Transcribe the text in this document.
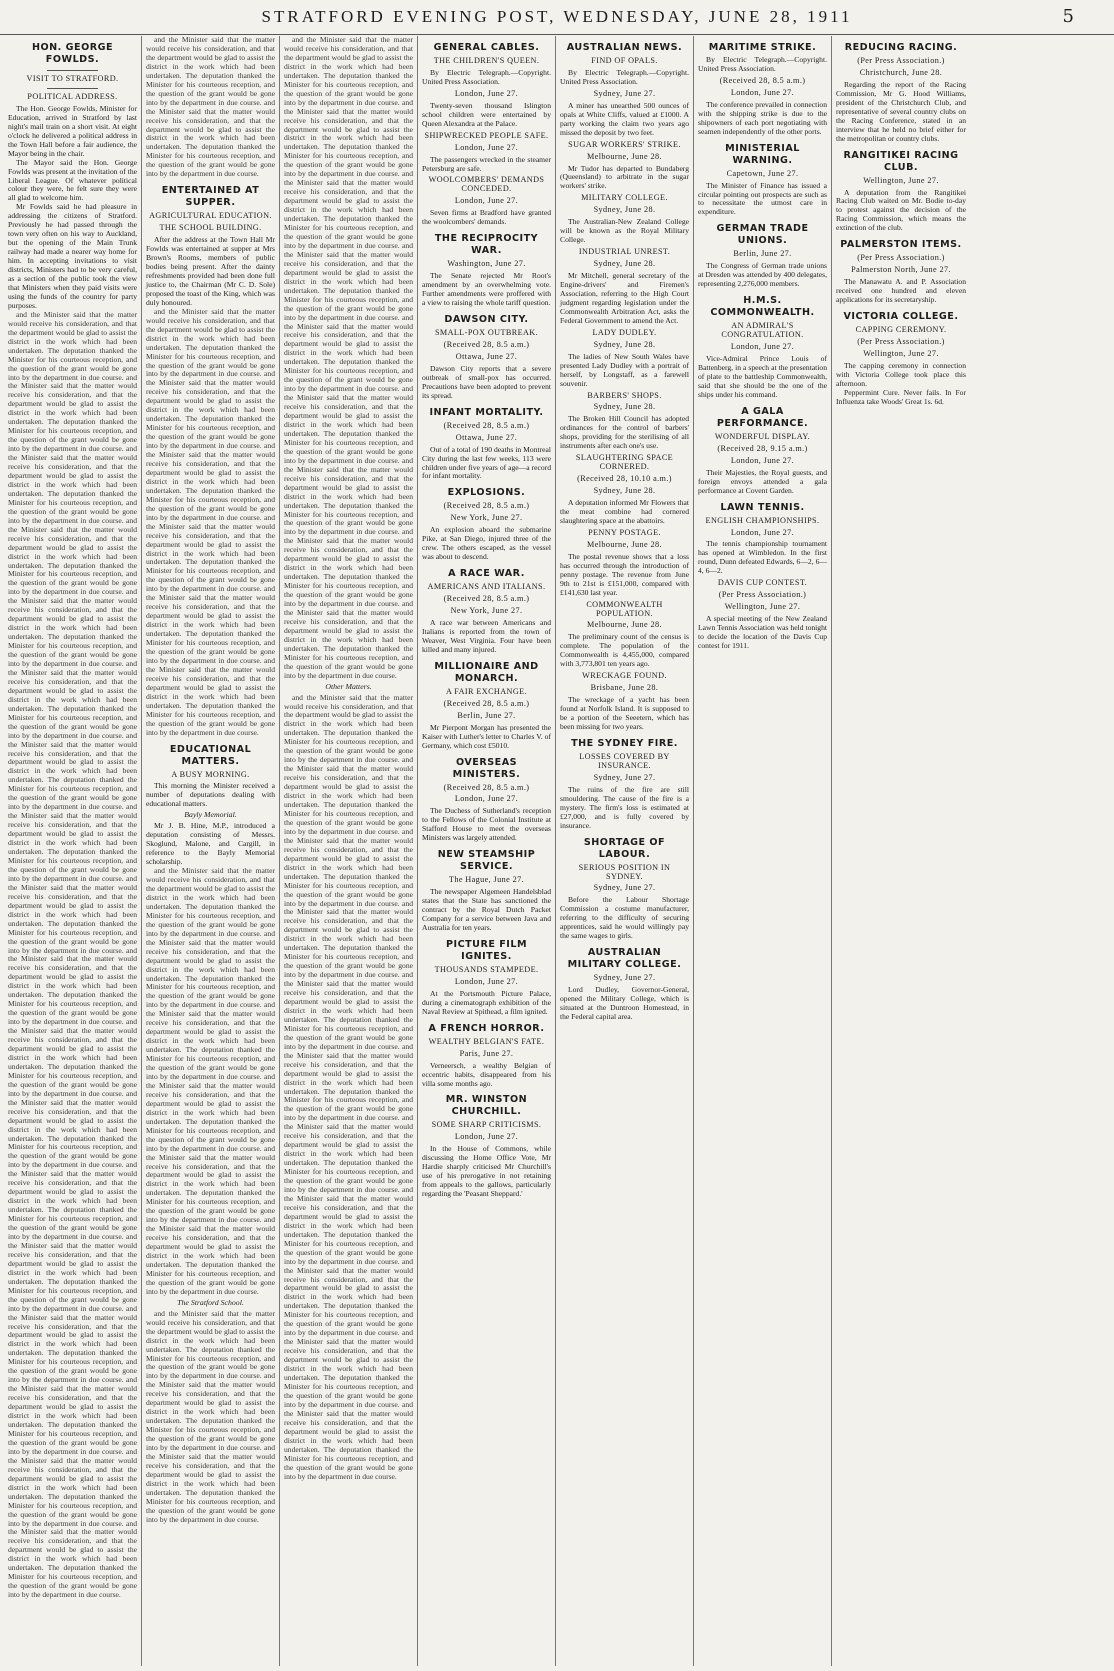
STRATFORD EVENING POST, WEDNESDAY, JUNE 28, 1911	5
HON. GEORGE FOWLDS.
VISIT TO STRATFORD.
POLITICAL ADDRESS.

The Hon. George Fowlds, Minister for Education, arrived in Stratford by last night's mail train on a short visit. At eight o'clock he delivered a political address in the Town Hall before a fair audience, the Mayor being in the chair.

The Mayor said the Hon. George Fowlds was present at the invitation of the Liberal League. Of whatever political colour they were, he felt sure they were all glad to welcome him.

Mr Fowlds said he had pleasure in addressing the citizens of Stratford. Previously he had passed through the town very often on his way to Auckland, but the opening of the Main Trunk railway had made a nearer way home for him. In accepting invitations to visit districts, Ministers had to be very careful, as a section of the public took the view that Ministers when they paid visits were using the funds of the country for party purposes.

and the Minister said that the matter would receive his consideration, and that the department would be glad to assist the district in the work which had been undertaken. The deputation thanked the Minister for his courteous reception, and the question of the grant would be gone into by the department in due course. and the Minister said that the matter would receive his consideration, and that the department would be glad to assist the district in the work which had been undertaken. The deputation thanked the Minister for his courteous reception, and the question of the grant would be gone into by the department in due course. and the Minister said that the matter would receive his consideration, and that the department would be glad to assist the district in the work which had been undertaken. The deputation thanked the Minister for his courteous reception, and the question of the grant would be gone into by the department in due course. and the Minister said that the matter would receive his consideration, and that the department would be glad to assist the district in the work which had been undertaken. The deputation thanked the Minister for his courteous reception, and the question of the grant would be gone into by the department in due course. and the Minister said that the matter would receive his consideration, and that the department would be glad to assist the district in the work which had been undertaken. The deputation thanked the Minister for his courteous reception, and the question of the grant would be gone into by the department in due course. and the Minister said that the matter would receive his consideration, and that the department would be glad to assist the district in the work which had been undertaken. The deputation thanked the Minister for his courteous reception, and the question of the grant would be gone into by the department in due course. and the Minister said that the matter would receive his consideration, and that the department would be glad to assist the district in the work which had been undertaken. The deputation thanked the Minister for his courteous reception, and the question of the grant would be gone into by the department in due course. and the Minister said that the matter would receive his consideration, and that the department would be glad to assist the district in the work which had been undertaken. The deputation thanked the Minister for his courteous reception, and the question of the grant would be gone into by the department in due course. and the Minister said that the matter would receive his consideration, and that the department would be glad to assist the district in the work which had been undertaken. The deputation thanked the Minister for his courteous reception, and the question of the grant would be gone into by the department in due course. and the Minister said that the matter would receive his consideration, and that the department would be glad to assist the district in the work which had been undertaken. The deputation thanked the Minister for his courteous reception, and the question of the grant would be gone into by the department in due course. and the Minister said that the matter would receive his consideration, and that the department would be glad to assist the district in the work which had been undertaken. The deputation thanked the Minister for his courteous reception, and the question of the grant would be gone into by the department in due course. and the Minister said that the matter would receive his consideration, and that the department would be glad to assist the district in the work which had been undertaken. The deputation thanked the Minister for his courteous reception, and the question of the grant would be gone into by the department in due course. and the Minister said that the matter would receive his consideration, and that the department would be glad to assist the district in the work which had been undertaken. The deputation thanked the Minister for his courteous reception, and the question of the grant would be gone into by the department in due course. and the Minister said that the matter would receive his consideration, and that the department would be glad to assist the district in the work which had been undertaken. The deputation thanked the Minister for his courteous reception, and the question of the grant would be gone into by the department in due course. and the Minister said that the matter would receive his consideration, and that the department would be glad to assist the district in the work which had been undertaken. The deputation thanked the Minister for his courteous reception, and the question of the grant would be gone into by the department in due course. and the Minister said that the matter would receive his consideration, and that the department would be glad to assist the district in the work which had been undertaken. The deputation thanked the Minister for his courteous reception, and the question of the grant would be gone into by the department in due course. and the Minister said that the matter would receive his consideration, and that the department would be glad to assist the district in the work which had been undertaken. The deputation thanked the Minister for his courteous reception, and the question of the grant would be gone into by the department in due course. and the Minister said that the matter would receive his consideration, and that the department would be glad to assist the district in the work which had been undertaken. The deputation thanked the Minister for his courteous reception, and the question of the grant would be gone into by the department in due course.

and the Minister said that the matter would receive his consideration, and that the department would be glad to assist the district in the work which had been undertaken. The deputation thanked the Minister for his courteous reception, and the question of the grant would be gone into by the department in due course. and the Minister said that the matter would receive his consideration, and that the department would be glad to assist the district in the work which had been undertaken. The deputation thanked the Minister for his courteous reception, and the question of the grant would be gone into by the department in due course.

ENTERTAINED AT SUPPER.
AGRICULTURAL EDUCATION.
THE SCHOOL BUILDING.

After the address at the Town Hall Mr Fowlds was entertained at supper at Mrs Brown's Rooms, members of public bodies being present. After the dainty refreshments provided had been done full justice to, the Chairman (Mr C. D. Sole) proposed the toast of the King, which was duly honoured.

and the Minister said that the matter would receive his consideration, and that the department would be glad to assist the district in the work which had been undertaken. The deputation thanked the Minister for his courteous reception, and the question of the grant would be gone into by the department in due course. and the Minister said that the matter would receive his consideration, and that the department would be glad to assist the district in the work which had been undertaken. The deputation thanked the Minister for his courteous reception, and the question of the grant would be gone into by the department in due course. and the Minister said that the matter would receive his consideration, and that the department would be glad to assist the district in the work which had been undertaken. The deputation thanked the Minister for his courteous reception, and the question of the grant would be gone into by the department in due course. and the Minister said that the matter would receive his consideration, and that the department would be glad to assist the district in the work which had been undertaken. The deputation thanked the Minister for his courteous reception, and the question of the grant would be gone into by the department in due course. and the Minister said that the matter would receive his consideration, and that the department would be glad to assist the district in the work which had been undertaken. The deputation thanked the Minister for his courteous reception, and the question of the grant would be gone into by the department in due course. and the Minister said that the matter would receive his consideration, and that the department would be glad to assist the district in the work which had been undertaken. The deputation thanked the Minister for his courteous reception, and the question of the grant would be gone into by the department in due course.

EDUCATIONAL MATTERS.
A BUSY MORNING.

This morning the Minister received a number of deputations dealing with educational matters.

Bayly Memorial.

Mr J. B. Hine, M.P., introduced a deputation consisting of Messrs. Skoglund, Malone, and Cargill, in reference to the Bayly Memorial scholarship.

and the Minister said that the matter would receive his consideration, and that the department would be glad to assist the district in the work which had been undertaken. The deputation thanked the Minister for his courteous reception, and the question of the grant would be gone into by the department in due course. and the Minister said that the matter would receive his consideration, and that the department would be glad to assist the district in the work which had been undertaken. The deputation thanked the Minister for his courteous reception, and the question of the grant would be gone into by the department in due course. and the Minister said that the matter would receive his consideration, and that the department would be glad to assist the district in the work which had been undertaken. The deputation thanked the Minister for his courteous reception, and the question of the grant would be gone into by the department in due course. and the Minister said that the matter would receive his consideration, and that the department would be glad to assist the district in the work which had been undertaken. The deputation thanked the Minister for his courteous reception, and the question of the grant would be gone into by the department in due course. and the Minister said that the matter would receive his consideration, and that the department would be glad to assist the district in the work which had been undertaken. The deputation thanked the Minister for his courteous reception, and the question of the grant would be gone into by the department in due course. and the Minister said that the matter would receive his consideration, and that the department would be glad to assist the district in the work which had been undertaken. The deputation thanked the Minister for his courteous reception, and the question of the grant would be gone into by the department in due course.

The Stratford School.

and the Minister said that the matter would receive his consideration, and that the department would be glad to assist the district in the work which had been undertaken. The deputation thanked the Minister for his courteous reception, and the question of the grant would be gone into by the department in due course. and the Minister said that the matter would receive his consideration, and that the department would be glad to assist the district in the work which had been undertaken. The deputation thanked the Minister for his courteous reception, and the question of the grant would be gone into by the department in due course. and the Minister said that the matter would receive his consideration, and that the department would be glad to assist the district in the work which had been undertaken. The deputation thanked the Minister for his courteous reception, and the question of the grant would be gone into by the department in due course.

and the Minister said that the matter would receive his consideration, and that the department would be glad to assist the district in the work which had been undertaken. The deputation thanked the Minister for his courteous reception, and the question of the grant would be gone into by the department in due course. and the Minister said that the matter would receive his consideration, and that the department would be glad to assist the district in the work which had been undertaken. The deputation thanked the Minister for his courteous reception, and the question of the grant would be gone into by the department in due course. and the Minister said that the matter would receive his consideration, and that the department would be glad to assist the district in the work which had been undertaken. The deputation thanked the Minister for his courteous reception, and the question of the grant would be gone into by the department in due course. and the Minister said that the matter would receive his consideration, and that the department would be glad to assist the district in the work which had been undertaken. The deputation thanked the Minister for his courteous reception, and the question of the grant would be gone into by the department in due course. and the Minister said that the matter would receive his consideration, and that the department would be glad to assist the district in the work which had been undertaken. The deputation thanked the Minister for his courteous reception, and the question of the grant would be gone into by the department in due course. and the Minister said that the matter would receive his consideration, and that the department would be glad to assist the district in the work which had been undertaken. The deputation thanked the Minister for his courteous reception, and the question of the grant would be gone into by the department in due course. and the Minister said that the matter would receive his consideration, and that the department would be glad to assist the district in the work which had been undertaken. The deputation thanked the Minister for his courteous reception, and the question of the grant would be gone into by the department in due course. and the Minister said that the matter would receive his consideration, and that the department would be glad to assist the district in the work which had been undertaken. The deputation thanked the Minister for his courteous reception, and the question of the grant would be gone into by the department in due course. and the Minister said that the matter would receive his consideration, and that the department would be glad to assist the district in the work which had been undertaken. The deputation thanked the Minister for his courteous reception, and the question of the grant would be gone into by the department in due course.

Other Matters.

and the Minister said that the matter would receive his consideration, and that the department would be glad to assist the district in the work which had been undertaken. The deputation thanked the Minister for his courteous reception, and the question of the grant would be gone into by the department in due course. and the Minister said that the matter would receive his consideration, and that the department would be glad to assist the district in the work which had been undertaken. The deputation thanked the Minister for his courteous reception, and the question of the grant would be gone into by the department in due course. and the Minister said that the matter would receive his consideration, and that the department would be glad to assist the district in the work which had been undertaken. The deputation thanked the Minister for his courteous reception, and the question of the grant would be gone into by the department in due course. and the Minister said that the matter would receive his consideration, and that the department would be glad to assist the district in the work which had been undertaken. The deputation thanked the Minister for his courteous reception, and the question of the grant would be gone into by the department in due course. and the Minister said that the matter would receive his consideration, and that the department would be glad to assist the district in the work which had been undertaken. The deputation thanked the Minister for his courteous reception, and the question of the grant would be gone into by the department in due course. and the Minister said that the matter would receive his consideration, and that the department would be glad to assist the district in the work which had been undertaken. The deputation thanked the Minister for his courteous reception, and the question of the grant would be gone into by the department in due course. and the Minister said that the matter would receive his consideration, and that the department would be glad to assist the district in the work which had been undertaken. The deputation thanked the Minister for his courteous reception, and the question of the grant would be gone into by the department in due course. and the Minister said that the matter would receive his consideration, and that the department would be glad to assist the district in the work which had been undertaken. The deputation thanked the Minister for his courteous reception, and the question of the grant would be gone into by the department in due course. and the Minister said that the matter would receive his consideration, and that the department would be glad to assist the district in the work which had been undertaken. The deputation thanked the Minister for his courteous reception, and the question of the grant would be gone into by the department in due course. and the Minister said that the matter would receive his consideration, and that the department would be glad to assist the district in the work which had been undertaken. The deputation thanked the Minister for his courteous reception, and the question of the grant would be gone into by the department in due course. and the Minister said that the matter would receive his consideration, and that the department would be glad to assist the district in the work which had been undertaken. The deputation thanked the Minister for his courteous reception, and the question of the grant would be gone into by the department in due course.

GENERAL CABLES.
THE CHILDREN'S QUEEN.

By Electric Telegraph.—Copyright. United Press Association.

London, June 27.

Twenty-seven thousand Islington school children were entertained by Queen Alexandra at the Palace.

SHIPWRECKED PEOPLE SAFE.
London, June 27.

The passengers wrecked in the steamer Petersburg are safe.

WOOLCOMBERS' DEMANDS CONCEDED.
London, June 27.

Seven firms at Bradford have granted the woolcombers' demands.

THE RECIPROCITY WAR.
Washington, June 27.

The Senate rejected Mr Root's amendment by an overwhelming vote. Further amendments were proffered with a view to raising the whole tariff question.

DAWSON CITY.
SMALL-POX OUTBREAK.
(Received 28, 8.5 a.m.)
Ottawa, June 27.

Dawson City reports that a severe outbreak of small-pox has occurred. Precautions have been adopted to prevent its spread.

INFANT MORTALITY.
(Received 28, 8.5 a.m.)
Ottawa, June 27.

Out of a total of 190 deaths in Montreal City during the last few weeks, 113 were children under five years of age—a record for infant mortality.

EXPLOSIONS.
(Received 28, 8.5 a.m.)
New York, June 27.

An explosion aboard the submarine Pike, at San Diego, injured three of the crew. The others escaped, as the vessel was about to descend.

A RACE WAR.
AMERICANS AND ITALIANS.
(Received 28, 8.5 a.m.)
New York, June 27.

A race war between Americans and Italians is reported from the town of Weaver, West Virginia. Four have been killed and many injured.

MILLIONAIRE AND MONARCH.
A FAIR EXCHANGE.
(Received 28, 8.5 a.m.)
Berlin, June 27.

Mr Pierpont Morgan has presented the Kaiser with Luther's letter to Charles V. of Germany, which cost £5010.

OVERSEAS MINISTERS.
(Received 28, 8.5 a.m.)
London, June 27.

The Duchess of Sutherland's reception to the Fellows of the Colonial Institute at Stafford House to meet the overseas Ministers was largely attended.

NEW STEAMSHIP SERVICE.
The Hague, June 27.

The newspaper Algemeen Handelsblad states that the State has sanctioned the contract by the Royal Dutch Packet Company for a service between Java and Australia for ten years.

PICTURE FILM IGNITES.
THOUSANDS STAMPEDE.
London, June 27.

At the Portsmouth Picture Palace, during a cinematograph exhibition of the Naval Review at Spithead, a film ignited.

A FRENCH HORROR.
WEALTHY BELGIAN'S FATE.
Paris, June 27.

Verneersch, a wealthy Belgian of eccentric habits, disappeared from his villa some months ago.

MR. WINSTON CHURCHILL.
SOME SHARP CRITICISMS.
London, June 27.

In the House of Commons, while discussing the Home Office Vote, Mr Hardie sharply criticised Mr Churchill's use of his prerogative in not retaining from appeals to the gallows, particularly regarding the 'Peasant Sheppard.'

AUSTRALIAN NEWS.
FIND OF OPALS.

By Electric Telegraph.—Copyright. United Press Association.

Sydney, June 27.

A miner has unearthed 500 ounces of opals at White Cliffs, valued at £1000. A party working the claim two years ago missed the deposit by two feet.

SUGAR WORKERS' STRIKE.
Melbourne, June 28.

Mr Tudor has departed to Bundaberg (Queensland) to arbitrate in the sugar workers' strike.

MILITARY COLLEGE.
Sydney, June 28.

The Australian-New Zealand College will be known as the Royal Military College.

INDUSTRIAL UNREST.
Sydney, June 28.

Mr Mitchell, general secretary of the Engine-drivers' and Firemen's Association, referring to the High Court judgment regarding legislation under the Commonwealth Arbitration Act, asks the Federal Government to amend the Act.

LADY DUDLEY.
Sydney, June 28.

The ladies of New South Wales have presented Lady Dudley with a portrait of herself, by Longstaff, as a farewell souvenir.

BARBERS' SHOPS.
Sydney, June 28.

The Broken Hill Council has adopted ordinances for the control of barbers' shops, providing for the sterilising of all instruments after each one's use.

SLAUGHTERING SPACE CORNERED.
(Received 28, 10.10 a.m.)
Sydney, June 28.

A deputation informed Mr Flowers that the meat combine had cornered slaughtering space at the abattoirs.

PENNY POSTAGE.
Melbourne, June 28.

The postal revenue shows that a loss has occurred through the introduction of penny postage. The revenue from June 9th to 21st is £151,000, compared with £141,630 last year.

COMMONWEALTH POPULATION.
Melbourne, June 28.

The preliminary count of the census is complete. The population of the Commonwealth is 4,455,000, compared with 3,773,801 ten years ago.

WRECKAGE FOUND.
Brisbane, June 28.

The wreckage of a yacht has been found at Norfolk Island. It is supposed to be a portion of the Seeetern, which has been missing for two years.

THE SYDNEY FIRE.
LOSSES COVERED BY INSURANCE.
Sydney, June 27.

The ruins of the fire are still smouldering. The cause of the fire is a mystery. The firm's loss is estimated at £27,000, and is fully covered by insurance.

SHORTAGE OF LABOUR.
SERIOUS POSITION IN SYDNEY.
Sydney, June 27.

Before the Labour Shortage Commission a costume manufacturer, referring to the difficulty of securing apprentices, said he would willingly pay the same wages to girls.

AUSTRALIAN MILITARY COLLEGE.
Sydney, June 27.

Lord Dudley, Governor-General, opened the Military College, which is situated at the Duntroon Homestead, in the Federal capital area.

MARITIME STRIKE.

By Electric Telegraph.—Copyright. United Press Association.

(Received 28, 8.5 a.m.)
London, June 27.

The conference prevailed in connection with the shipping strike is due to the shipowners of each port negotiating with seamen independently of the other ports.

MINISTERIAL WARNING.
Capetown, June 27.

The Minister of Finance has issued a circular pointing out prospects are such as to necessitate the utmost care in expenditure.

GERMAN TRADE UNIONS.
Berlin, June 27.

The Congress of German trade unions at Dresden was attended by 400 delegates, representing 2,276,000 members.

H.M.S. COMMONWEALTH.
AN ADMIRAL'S CONGRATULATION.
London, June 27.

Vice-Admiral Prince Louis of Battenberg, in a speech at the presentation of plate to the battleship Commonwealth, said that she should be the one of the ships under his command.

A GALA PERFORMANCE.
WONDERFUL DISPLAY.
(Received 28, 9.15 a.m.)
London, June 27.

Their Majesties, the Royal guests, and foreign envoys attended a gala performance at Covent Garden.

LAWN TENNIS.
ENGLISH CHAMPIONSHIPS.
London, June 27.

The tennis championship tournament has opened at Wimbledon. In the first round, Dunn defeated Edwards, 6—2, 6—4, 6—2.

DAVIS CUP CONTEST.
(Per Press Association.)
Wellington, June 27.

A special meeting of the New Zealand Lawn Tennis Association was held tonight to decide the location of the Davis Cup contest for 1911.

REDUCING RACING.
(Per Press Association.)
Christchurch, June 28.

Regarding the report of the Racing Commission, Mr G. Hood Williams, president of the Christchurch Club, and representative of several country clubs on the Racing Conference, stated in an interview that he held no brief either for the metropolitan or country clubs.

RANGITIKEI RACING CLUB.
Wellington, June 27.

A deputation from the Rangitikei Racing Club waited on Mr. Bodie to-day to protest against the decision of the Racing Commission, which means the extinction of the club.

PALMERSTON ITEMS.
(Per Press Association.)
Palmerston North, June 27.

The Manawatu A. and P. Association received one hundred and eleven applications for its secretaryship.

VICTORIA COLLEGE.
CAPPING CEREMONY.
(Per Press Association.)
Wellington, June 27.

The capping ceremony in connection with Victoria College took place this afternoon.

Peppermint Cure. Never fails. In For Influenza take Woods' Great 1s. 6d.
